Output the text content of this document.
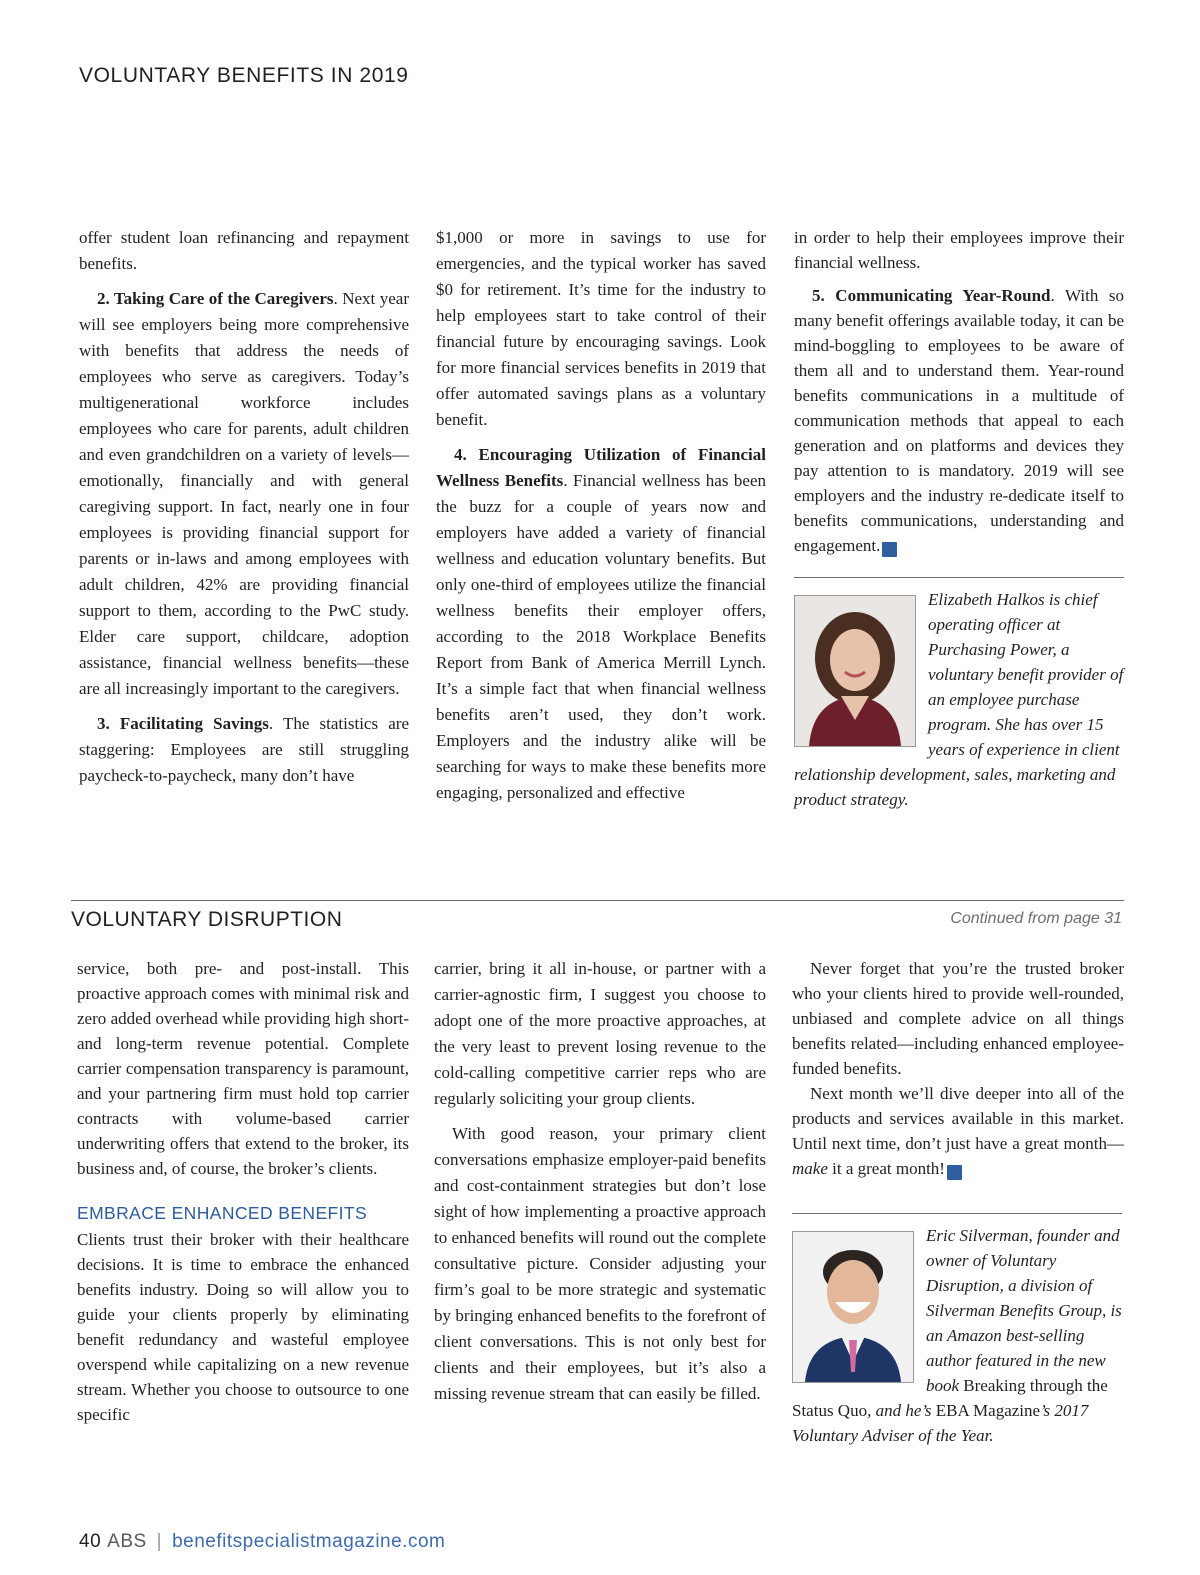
VOLUNTARY BENEFITS IN 2019

offer student loan refinancing and repayment benefits.

2. Taking Care of the Caregivers. Next year will see employers being more comprehensive with benefits that address the needs of employees who serve as caregivers. Today’s multigenerational workforce includes employees who care for parents, adult children and even grandchildren on a variety of levels—emotionally, financially and with general caregiving support. In fact, nearly one in four employees is providing financial support for parents or in-laws and among employees with adult children, 42% are providing financial support to them, according to the PwC study. Elder care support, childcare, adoption assistance, financial wellness benefits—these are all increasingly important to the caregivers.

3. Facilitating Savings. The statistics are staggering: Employees are still struggling paycheck-to-paycheck, many don’t have

$1,000 or more in savings to use for emergencies, and the typical worker has saved $0 for retirement. It’s time for the industry to help employees start to take control of their financial future by encouraging savings. Look for more financial services benefits in 2019 that offer automated savings plans as a voluntary benefit.

4. Encouraging Utilization of Financial Wellness Benefits. Financial wellness has been the buzz for a couple of years now and employers have added a variety of financial wellness and education voluntary benefits. But only one-third of employees utilize the financial wellness benefits their employer offers, according to the 2018 Workplace Benefits Report from Bank of America Merrill Lynch. It’s a simple fact that when financial wellness benefits aren’t used, they don’t work. Employers and the industry alike will be searching for ways to make these benefits more engaging, personalized and effective

in order to help their employees improve their financial wellness.

5. Communicating Year-Round. With so many benefit offerings available today, it can be mind-boggling to employees to be aware of them all and to understand them. Year-round benefits communications in a multitude of communication methods that appeal to each generation and on platforms and devices they pay attention to is mandatory. 2019 will see employers and the industry re-dedicate itself to benefits communications, understanding and engagement. ▣

Elizabeth Halkos is chief operating officer at Purchasing Power, a voluntary benefit provider of an employee purchase program. She has over 15 years of experience in client relationship development, sales, marketing and product strategy.

VOLUNTARY DISRUPTION	Continued from page 31

service, both pre- and post-install. This proactive approach comes with minimal risk and zero added overhead while providing high short- and long-term revenue potential. Complete carrier compensation transparency is paramount, and your partnering firm must hold top carrier contracts with volume-based carrier underwriting offers that extend to the broker, its business and, of course, the broker’s clients.

EMBRACE ENHANCED BENEFITS

Clients trust their broker with their healthcare decisions. It is time to embrace the enhanced benefits industry. Doing so will allow you to guide your clients properly by eliminating benefit redundancy and wasteful employee overspend while capitalizing on a new revenue stream. Whether you choose to outsource to one specific

carrier, bring it all in-house, or partner with a carrier-agnostic firm, I suggest you choose to adopt one of the more proactive approaches, at the very least to prevent losing revenue to the cold-calling competitive carrier reps who are regularly soliciting your group clients.

With good reason, your primary client conversations emphasize employer-paid benefits and cost-containment strategies but don’t lose sight of how implementing a proactive approach to enhanced benefits will round out the complete consultative picture. Consider adjusting your firm’s goal to be more strategic and systematic by bringing enhanced benefits to the forefront of client conversations. This is not only best for clients and their employees, but it’s also a missing revenue stream that can easily be filled.

Never forget that you’re the trusted broker who your clients hired to provide well-rounded, unbiased and complete advice on all things benefits related—including enhanced employee-funded benefits.

Next month we’ll dive deeper into all of the products and services available in this market. Until next time, don’t just have a great month—make it a great month! ▣

Eric Silverman, founder and owner of Voluntary Disruption, a division of Silverman Benefits Group, is an Amazon best-selling author featured in the new book Breaking through the Status Quo, and he’s EBA Magazine’s 2017 Voluntary Adviser of the Year.

40 ABS | benefitspecialistmagazine.com
